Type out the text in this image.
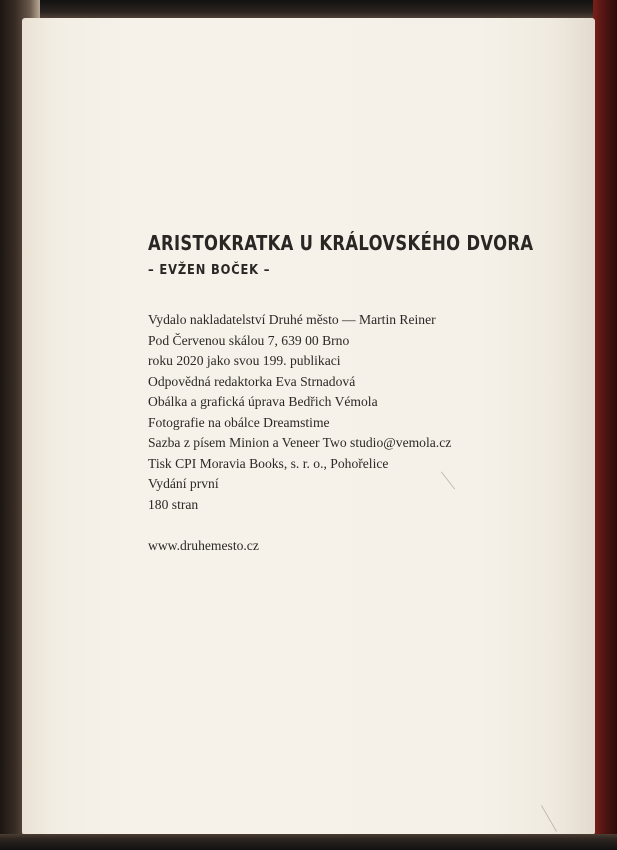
ARISTOKRATKA U KRÁLOVSKÉHO DVORA
– EVŽEN BOČEK –
Vydalo nakladatelství Druhé město — Martin Reiner
Pod Červenou skálou 7, 639 00 Brno
roku 2020 jako svou 199. publikaci
Odpovědná redaktorka Eva Strnadová
Obálka a grafická úprava Bedřich Vémola
Fotografie na obálce Dreamstime
Sazba z písem Minion a Veneer Two studio@vemola.cz
Tisk CPI Moravia Books, s. r. o., Pohořelice
Vydání první
180 stran
www.druhemesto.cz
